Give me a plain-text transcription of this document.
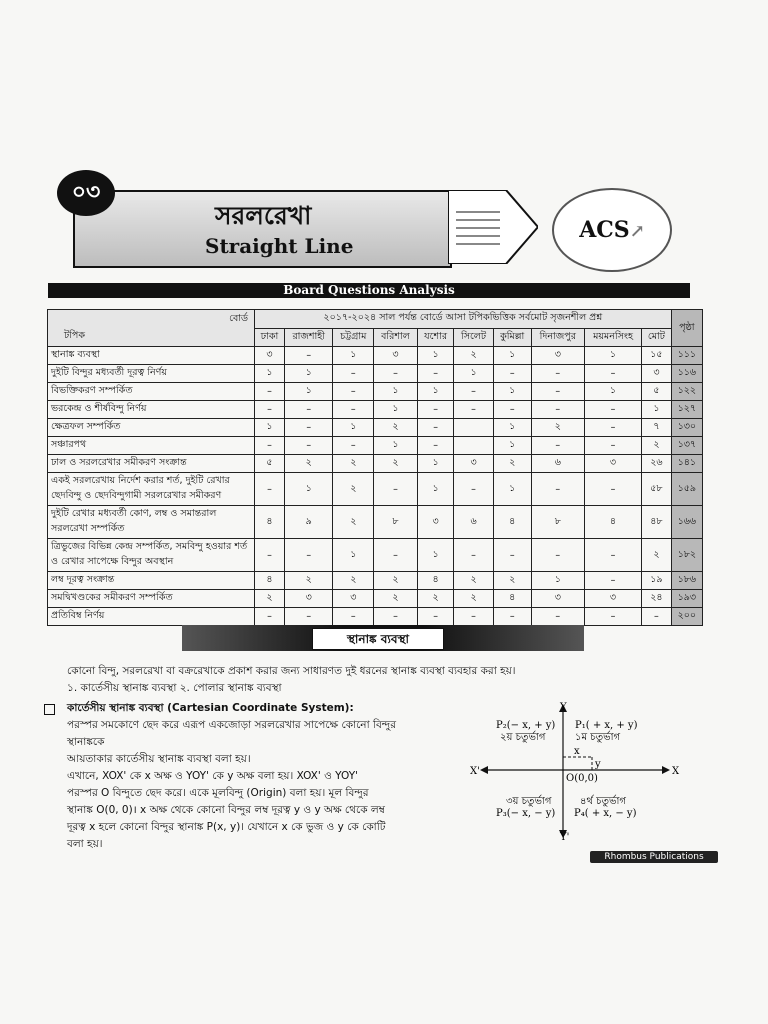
০৩
সরলরেখা
Straight Line
ACS↗
Board Questions Analysis
বোর্ড
টপিক	২০১৭-২০২৪ সাল পর্যন্ত বোর্ডে আসা টপিকভিত্তিক সর্বমোট সৃজনশীল প্রশ্ন										পৃষ্ঠা
	ঢাকা	রাজশাহী	চট্টগ্রাম	বরিশাল	যশোর	সিলেট	কুমিল্লা	দিনাজপুর	ময়মনসিংহ	মোট	
স্থানাঙ্ক ব্যবস্থা	৩	–	১	৩	১	২	১	৩	১	১৫	১১১
দুইটি বিন্দুর মধ্যবর্তী দূরত্ব নির্ণয়	১	১	–	–	–	১	–	–	–	৩	১১৬
বিভক্তিকরণ সম্পর্কিত	–	১	–	১	১	–	১	–	১	৫	১২২
ভরকেন্দ্র ও শীর্ষবিন্দু নির্ণয়	–	–	–	১	–	–	–	–	–	১	১২৭
ক্ষেত্রফল সম্পর্কিত	১	–	১	২	–		১	২	–	৭	১৩০
সঞ্চারপথ	–	–	–	১	–		১	–	–	২	১৩৭
ঢাল ও সরলরেখার সমীকরণ সংক্রান্ত	৫	২	২	২	১	৩	২	৬	৩	২৬	১৪১
একই সরলরেখায় নির্দেশ করার শর্ত, দুইটি রেখার ছেদবিন্দু ও ছেদবিন্দুগামী সরলরেখার সমীকরণ	–	১	২	–	১	–	১	–	–	৫৮	১৫৯
দুইটি রেখার মধ্যবর্তী কোণ, লম্ব ও সমান্তরাল সরলরেখা সম্পর্কিত	৪	৯	২	৮	৩	৬	৪	৮	৪	৪৮	১৬৬
ত্রিভুজের বিভিন্ন কেন্দ্র সম্পর্কিত, সমবিন্দু হওয়ার শর্ত ও রেখার সাপেক্ষে বিন্দুর অবস্থান	–	–	১	–	১	–	–	–	–	২	১৮২
লম্ব দূরত্ব সংক্রান্ত	৪	২	২	২	৪	২	২	১	–	১৯	১৮৬
সমদ্বিখণ্ডকের সমীকরণ সম্পর্কিত	২	৩	৩	২	২	২	৪	৩	৩	২৪	১৯৩
প্রতিবিম্ব নির্ণয়	–	–	–	–	–	–	–	–	–	–	২০০
স্থানাঙ্ক ব্যবস্থা
কোনো বিন্দু, সরলরেখা বা বক্ররেখাকে প্রকাশ করার জন্য সাধারণত দুই ধরনের স্থানাঙ্ক ব্যবস্থা ব্যবহার করা হয়।
১. কার্তেসীয় স্থানাঙ্ক ব্যবস্থা ২. পোলার স্থানাঙ্ক ব্যবস্থা
কার্তেসীয় স্থানাঙ্ক ব্যবস্থা (Cartesian Coordinate System):
পরস্পর সমকোণে ছেদ করে এরূপ একজোড়া সরলরেখার সাপেক্ষে কোনো বিন্দুর স্থানাঙ্ককে
আয়তাকার কার্তেসীয় স্থানাঙ্ক ব্যবস্থা বলা হয়।
এখানে, XOX' কে x অক্ষ ও YOY' কে y অক্ষ বলা হয়। XOX' ও YOY'
পরস্পর O বিন্দুতে ছেদ করে। একে মূলবিন্দু (Origin) বলা হয়। মূল বিন্দুর
স্থানাঙ্ক O(0, 0)। x অক্ষ থেকে কোনো বিন্দুর লম্ব দূরত্ব y ও y অক্ষ থেকে লম্ব
দূরত্ব x হলে কোনো বিন্দুর স্থানাঙ্ক P(x, y)। যেখানে x কে ভুজ ও y কে কোটি
বলা হয়।
Y
Y'
X
X'
O(0,0)
P₁( + x, + y)
১ম চতুর্ভাগ
P₂(− x, + y)
২য় চতুর্ভাগ
৩য় চতুর্ভাগ
P₃(− x, − y)
৪র্থ চতুর্ভাগ
P₄( + x, − y)
x
y
Rhombus Publications
